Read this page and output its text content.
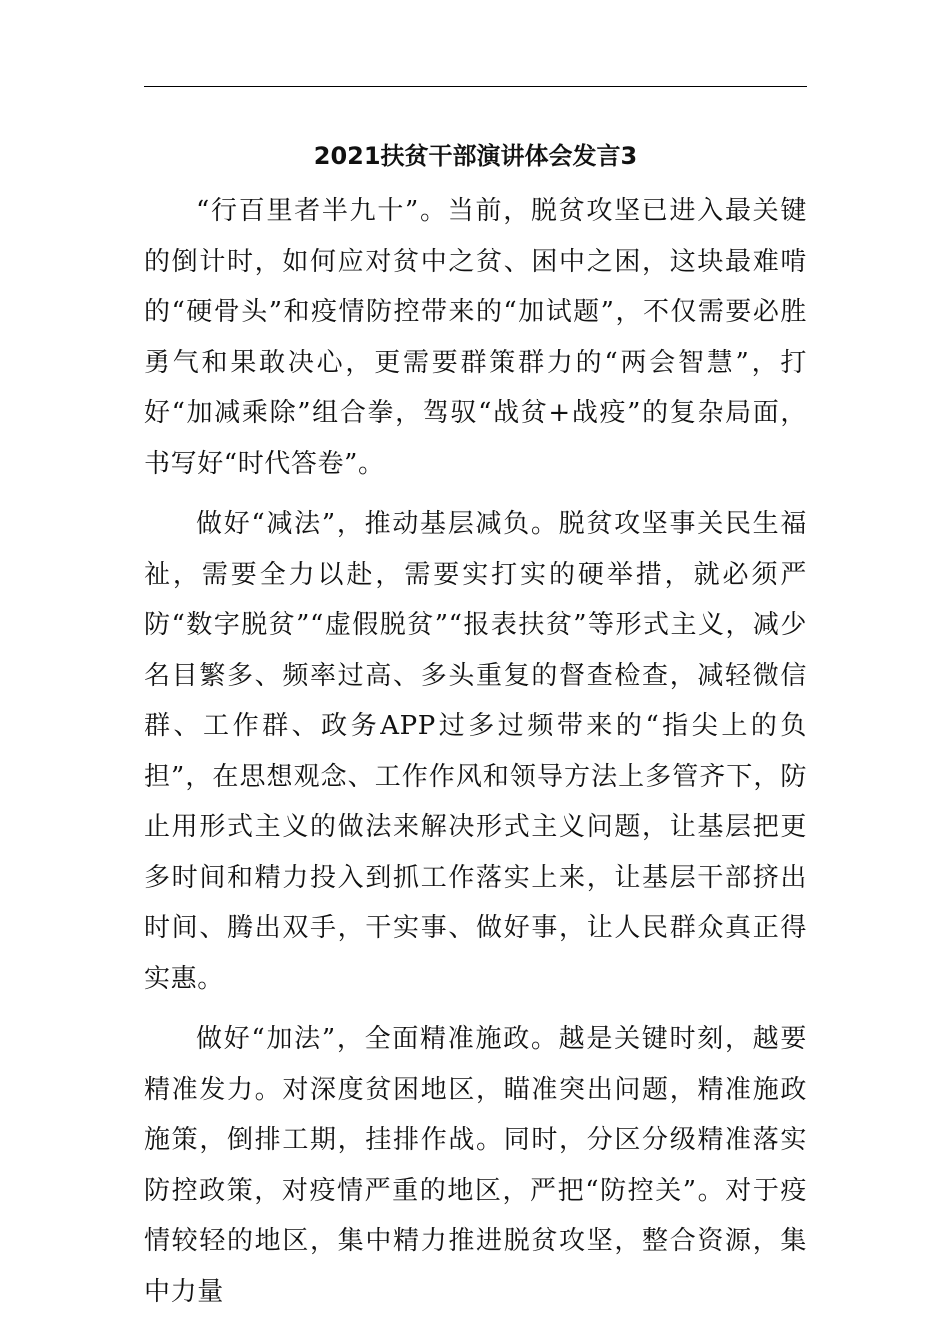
2021扶贫干部演讲体会发言3

“行百里者半九十”。当前，脱贫攻坚已进入最关键的倒计时，如何应对贫中之贫、困中之困，这块最难啃的“硬骨头”和疫情防控带来的“加试题”，不仅需要必胜勇气和果敢决心，更需要群策群力的“两会智慧”，打好“加减乘除”组合拳，驾驭“战贫+战疫”的复杂局面，书写好“时代答卷”。

做好“减法”，推动基层减负。脱贫攻坚事关民生福祉，需要全力以赴，需要实打实的硬举措，就必须严防“数字脱贫”“虚假脱贫”“报表扶贫”等形式主义，减少名目繁多、频率过高、多头重复的督查检查，减轻微信群、工作群、政务APP过多过频带来的“指尖上的负担”，在思想观念、工作作风和领导方法上多管齐下，防止用形式主义的做法来解决形式主义问题，让基层把更多时间和精力投入到抓工作落实上来，让基层干部挤出时间、腾出双手，干实事、做好事，让人民群众真正得实惠。

做好“加法”，全面精准施政。越是关键时刻，越要精准发力。对深度贫困地区，瞄准突出问题，精准施政施策，倒排工期，挂排作战。同时，分区分级精准落实防控政策，对疫情严重的地区，严把“防控关”。对于疫情较轻的地区，集中精力推进脱贫攻坚，整合资源，集中力量
